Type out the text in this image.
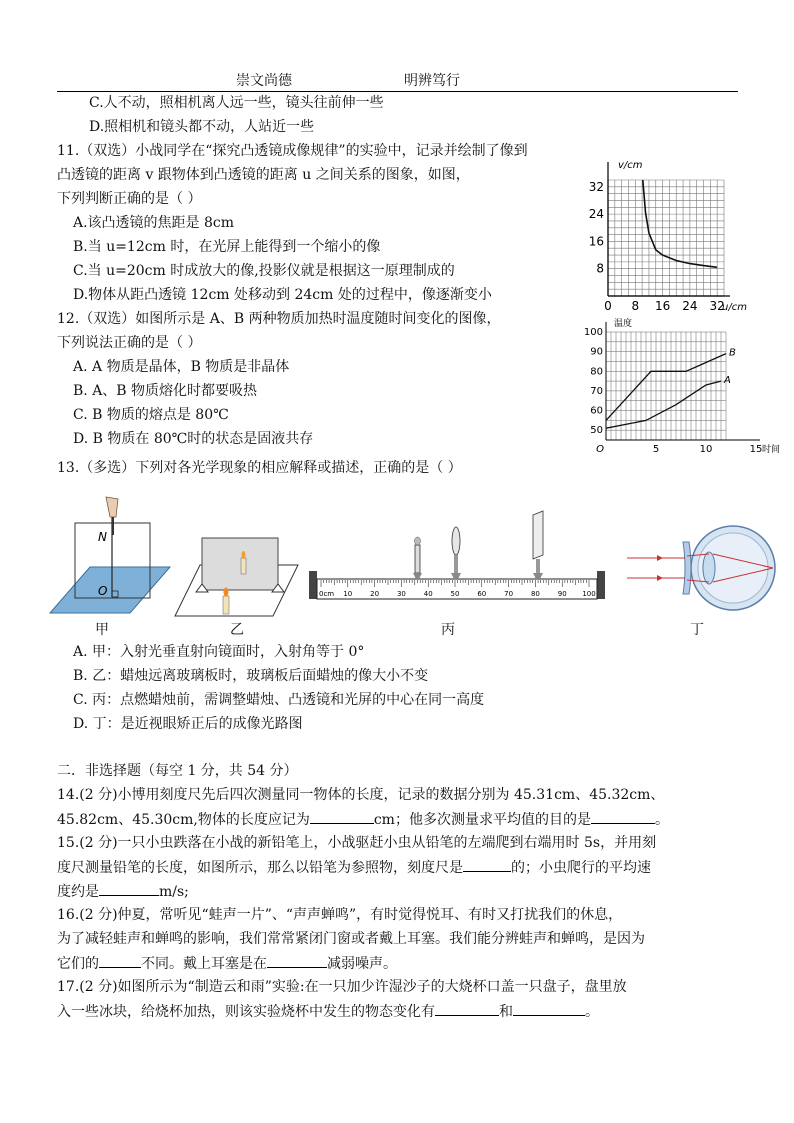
崇文尚德	明辨笃行
C.人不动，照相机离人远一些，镜头往前伸一些
D.照相机和镜头都不动，人站近一些
11.（双选）小战同学在“探究凸透镜成像规律”的实验中，记录并绘制了像到
凸透镜的距离 v 跟物体到凸透镜的距离 u 之间关系的图象，如图，
下列判断正确的是（ ）
A.该凸透镜的焦距是 8cm
B.当 u=12cm 时，在光屏上能得到一个缩小的像
C.当 u=20cm 时成放大的像,投影仪就是根据这一原理制成的
D.物体从距凸透镜 12cm 处移动到 24cm 处的过程中，像逐渐变小
0 8 16 24 32
8
16
24
32
v/cm
u/cm
12.（双选）如图所示是 A、B 两种物质加热时温度随时间变化的图像，
下列说法正确的是（ ）
A. A 物质是晶体，B 物质是非晶体
B. A、B 物质熔化时都要吸热
C. B 物质的熔点是 80℃
D. B 物质在 80℃时的状态是固液共存
B
A
O	5	10	15
50
60
70
80
90
100
温度
时间
13.（多选）下列对各光学现象的相应解释或描述，正确的是（ ）
N
O	10	20	30	40	50	60	70	80	90 100
0cm
甲	乙	丙	丁
A. 甲：入射光垂直射向镜面时，入射角等于 0°
B. 乙：蜡烛远离玻璃板时，玻璃板后面蜡烛的像大小不变
C. 丙：点燃蜡烛前，需调整蜡烛、凸透镜和光屏的中心在同一高度
D. 丁：是近视眼矫正后的成像光路图
二．非选择题（每空 1 分，共 54 分）
14.(2 分)小博用刻度尺先后四次测量同一物体的长度，记录的数据分别为 45.31cm、45.32cm、
45.82cm、45.30cm,物体的长度应记为	cm；他多次测量求平均值的目的是	。
15.(2 分)一只小虫跌落在小战的新铅笔上，小战驱赶小虫从铅笔的左端爬到右端用时 5s，并用刻
度尺测量铅笔的长度，如图所示，那么以铅笔为参照物，刻度尺是	的；小虫爬行的平均速
度约是	m/s;
16.(2 分)仲夏，常听见“蛙声一片”、“声声蝉鸣”，有时觉得悦耳、有时又打扰我们的休息，
为了减轻蛙声和蝉鸣的影响，我们常常紧闭门窗或者戴上耳塞。我们能分辨蛙声和蝉鸣，是因为
它们的	不同。戴上耳塞是在	减弱噪声。
17.(2 分)如图所示为“制造云和雨”实验:在一只加少许湿沙子的大烧杯口盖一只盘子，盘里放
入一些冰块，给烧杯加热，则该实验烧杯中发生的物态变化有	和	。
